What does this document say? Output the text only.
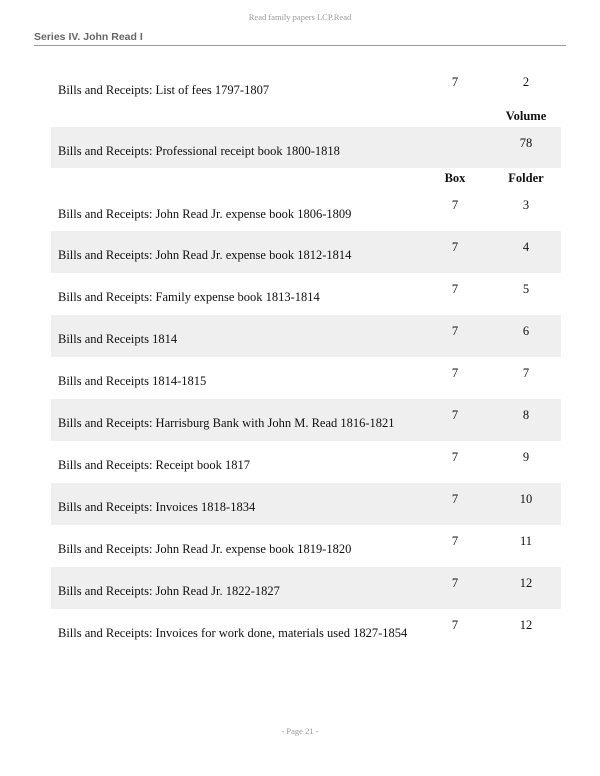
Read family papers LCP.Read
Series IV. John Read I
Bills and Receipts: List of fees 1797-1807
7	2
Volume
Bills and Receipts: Professional receipt book 1800-1818
78
Box	Folder
Bills and Receipts: John Read Jr. expense book 1806-1809
7	3
Bills and Receipts: John Read Jr. expense book 1812-1814
7	4
Bills and Receipts: Family expense book 1813-1814
7	5
Bills and Receipts 1814
7	6
Bills and Receipts 1814-1815
7	7
Bills and Receipts: Harrisburg Bank with John M. Read 1816-1821
7	8
Bills and Receipts: Receipt book 1817
7	9
Bills and Receipts: Invoices 1818-1834
7	10
Bills and Receipts: John Read Jr. expense book 1819-1820
7	11
Bills and Receipts: John Read Jr. 1822-1827
7	12
Bills and Receipts: Invoices for work done, materials used 1827-1854
7	12
- Page 21 -
